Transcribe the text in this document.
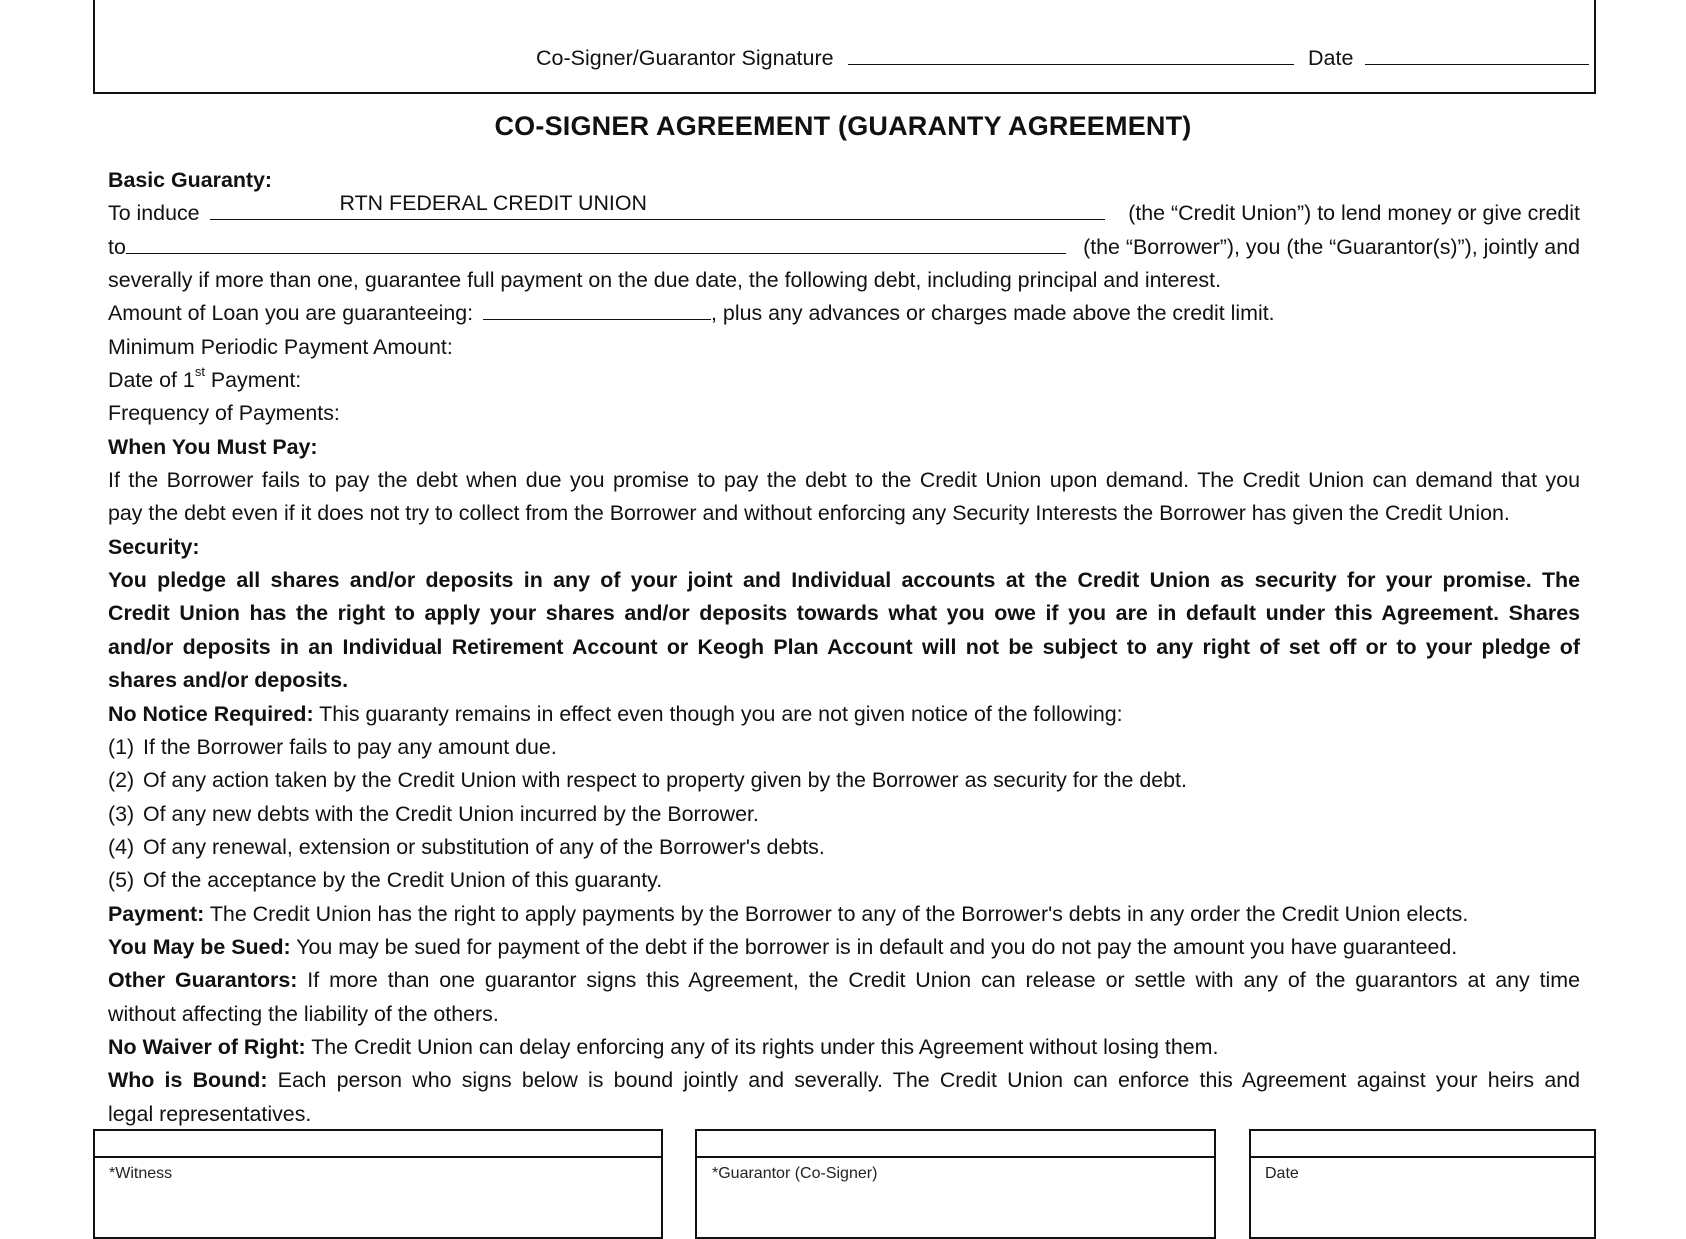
Co-Signer/Guarantor Signature	Date
CO-SIGNER AGREEMENT (GUARANTY AGREEMENT)
Basic Guaranty:
To induce	RTN FEDERAL CREDIT UNION	(the “Credit Union”) to lend money or give credit
to	(the “Borrower”), you (the “Guarantor(s)”), jointly and
severally if more than one, guarantee full payment on the due date, the following debt, including principal and interest.
Amount of Loan you are guaranteeing:	, plus any advances or charges made above the credit limit.
Minimum Periodic Payment Amount:
Date of 1st Payment:
Frequency of Payments:
When You Must Pay:
If the Borrower fails to pay the debt when due you promise to pay the debt to the Credit Union upon demand. The Credit Union can demand that you
pay the debt even if it does not try to collect from the Borrower and without enforcing any Security Interests the Borrower has given the Credit Union.
Security:
You pledge all shares and/or deposits in any of your joint and Individual accounts at the Credit Union as security for your promise. The
Credit Union has the right to apply your shares and/or deposits towards what you owe if you are in default under this Agreement. Shares
and/or deposits in an Individual Retirement Account or Keogh Plan Account will not be subject to any right of set off or to your pledge of
shares and/or deposits.
No Notice Required: This guaranty remains in effect even though you are not given notice of the following:
(1) If the Borrower fails to pay any amount due.
(2) Of any action taken by the Credit Union with respect to property given by the Borrower as security for the debt.
(3) Of any new debts with the Credit Union incurred by the Borrower.
(4) Of any renewal, extension or substitution of any of the Borrower's debts.
(5) Of the acceptance by the Credit Union of this guaranty.
Payment: The Credit Union has the right to apply payments by the Borrower to any of the Borrower's debts in any order the Credit Union elects.
You May be Sued: You may be sued for payment of the debt if the borrower is in default and you do not pay the amount you have guaranteed.
Other Guarantors: If more than one guarantor signs this Agreement, the Credit Union can release or settle with any of the guarantors at any time
without affecting the liability of the others.
No Waiver of Right: The Credit Union can delay enforcing any of its rights under this Agreement without losing them.
Who is Bound: Each person who signs below is bound jointly and severally. The Credit Union can enforce this Agreement against your heirs and
legal representatives.
*Witness	*Guarantor (Co-Signer)	Date
